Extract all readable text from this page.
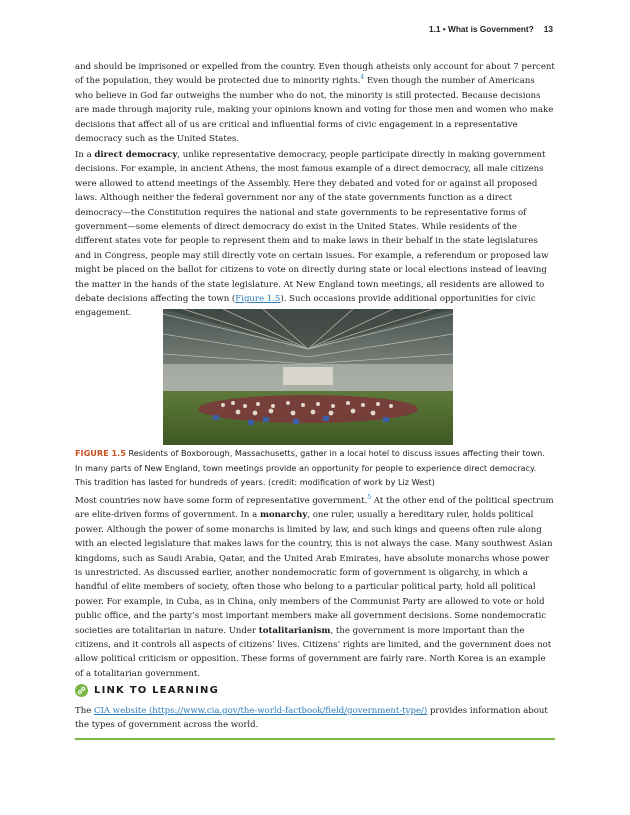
1.1 • What is Government? 13

and should be imprisoned or expelled from the country. Even though atheists only account for about 7 percent of the population, they would be protected due to minority rights.$^4$ Even though the number of Americans who believe in God far outweighs the number who do not, the minority is still protected. Because decisions are made through majority rule, making your opinions known and voting for those men and women who make decisions that affect all of us are critical and influential forms of civic engagement in a representative democracy such as the United States.

In a direct democracy, unlike representative democracy, people participate directly in making government decisions. For example, in ancient Athens, the most famous example of a direct democracy, all male citizens were allowed to attend meetings of the Assembly. Here they debated and voted for or against all proposed laws. Although neither the federal government nor any of the state governments function as a direct democracy—the Constitution requires the national and state governments to be representative forms of government—some elements of direct democracy do exist in the United States. While residents of the different states vote for people to represent them and to make laws in their behalf in the state legislatures and in Congress, people may still directly vote on certain issues. For example, a referendum or proposed law might be placed on the ballot for citizens to vote on directly during state or local elections instead of leaving the matter in the hands of the state legislature. At New England town meetings, all residents are allowed to debate decisions affecting the town (Figure 1.5). Such occasions provide additional opportunities for civic engagement.

FIGURE 1.5 Residents of Boxborough, Massachusetts, gather in a local hotel to discuss issues affecting their town. In many parts of New England, town meetings provide an opportunity for people to experience direct democracy. This tradition has lasted for hundreds of years. (credit: modification of work by Liz West)

Most countries now have some form of representative government.$^5$ At the other end of the political spectrum are elite-driven forms of government. In a monarchy, one ruler, usually a hereditary ruler, holds political power. Although the power of some monarchs is limited by law, and such kings and queens often rule along with an elected legislature that makes laws for the country, this is not always the case. Many southwest Asian kingdoms, such as Saudi Arabia, Qatar, and the United Arab Emirates, have absolute monarchs whose power is unrestricted. As discussed earlier, another nondemocratic form of government is oligarchy, in which a handful of elite members of society, often those who belong to a particular political party, hold all political power. For example, in Cuba, as in China, only members of the Communist Party are allowed to vote or hold public office, and the party’s most important members make all government decisions. Some nondemocratic societies are totalitarian in nature. Under totalitarianism, the government is more important than the citizens, and it controls all aspects of citizens’ lives. Citizens’ rights are limited, and the government does not allow political criticism or opposition. These forms of government are fairly rare. North Korea is an example of a totalitarian government.

LINK TO LEARNING
The CIA website (https://www.cia.gov/the-world-factbook/field/government-type/) provides information about the types of government across the world.
